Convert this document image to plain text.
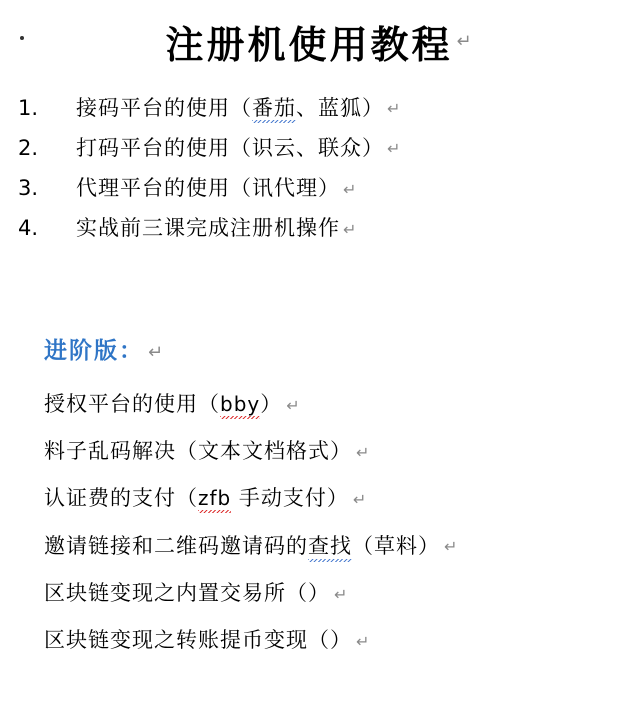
注册机使用教程 ↵
1.	接码平台的使用（番茄、蓝狐） ↵
2.	打码平台的使用（识云、联众） ↵
3.	代理平台的使用（讯代理） ↵
4.	实战前三课完成注册机操作 ↵
进阶版： ↵
授权平台的使用（bby） ↵
料子乱码解决（文本文档格式） ↵
认证费的支付（zfb 手动支付） ↵
邀请链接和二维码邀请码的查找（草料） ↵
区块链变现之内置交易所（） ↵
区块链变现之转账提币变现（） ↵
